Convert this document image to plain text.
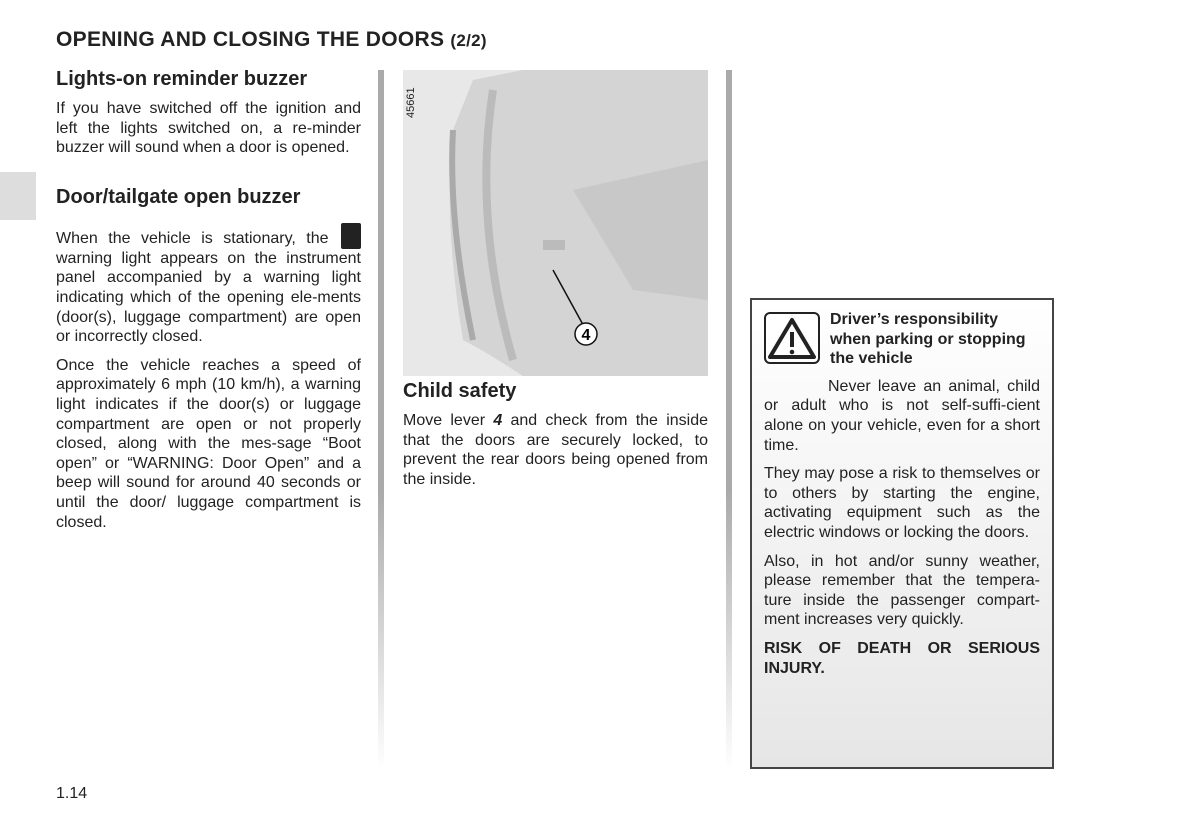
OPENING AND CLOSING THE DOORS (2/2)
Lights-on reminder buzzer

If you have switched off the ignition and left the lights switched on, a re-minder buzzer will sound when a door is opened.

Door/tailgate open buzzer

When the vehicle is stationary, the  warning light appears on the instrument panel accompanied by a warning light indicating which of the opening ele-ments (door(s), luggage compartment) are open or incorrectly closed.

Once the vehicle reaches a speed of approximately 6 mph (10 km/h), a warning light indicates if the door(s) or luggage compartment are open or not properly closed, along with the mes-sage “Boot open” or “WARNING: Door Open” and a beep will sound for around 40 seconds or until the door/ luggage compartment is closed.

4
45661
Child safety

Move lever 4 and check from the inside that the doors are securely locked, to prevent the rear doors being opened from the inside.

Driver’s responsibility when parking or stopping the vehicle

Never leave an animal, child or adult who is not self-suffi-cient alone on your vehicle, even for a short time.

They may pose a risk to themselves or to others by starting the engine, activating equipment such as the electric windows or locking the doors.

Also, in hot and/or sunny weather, please remember that the tempera-ture inside the passenger compart-ment increases very quickly.

RISK OF DEATH OR SERIOUS INJURY.

1.14
